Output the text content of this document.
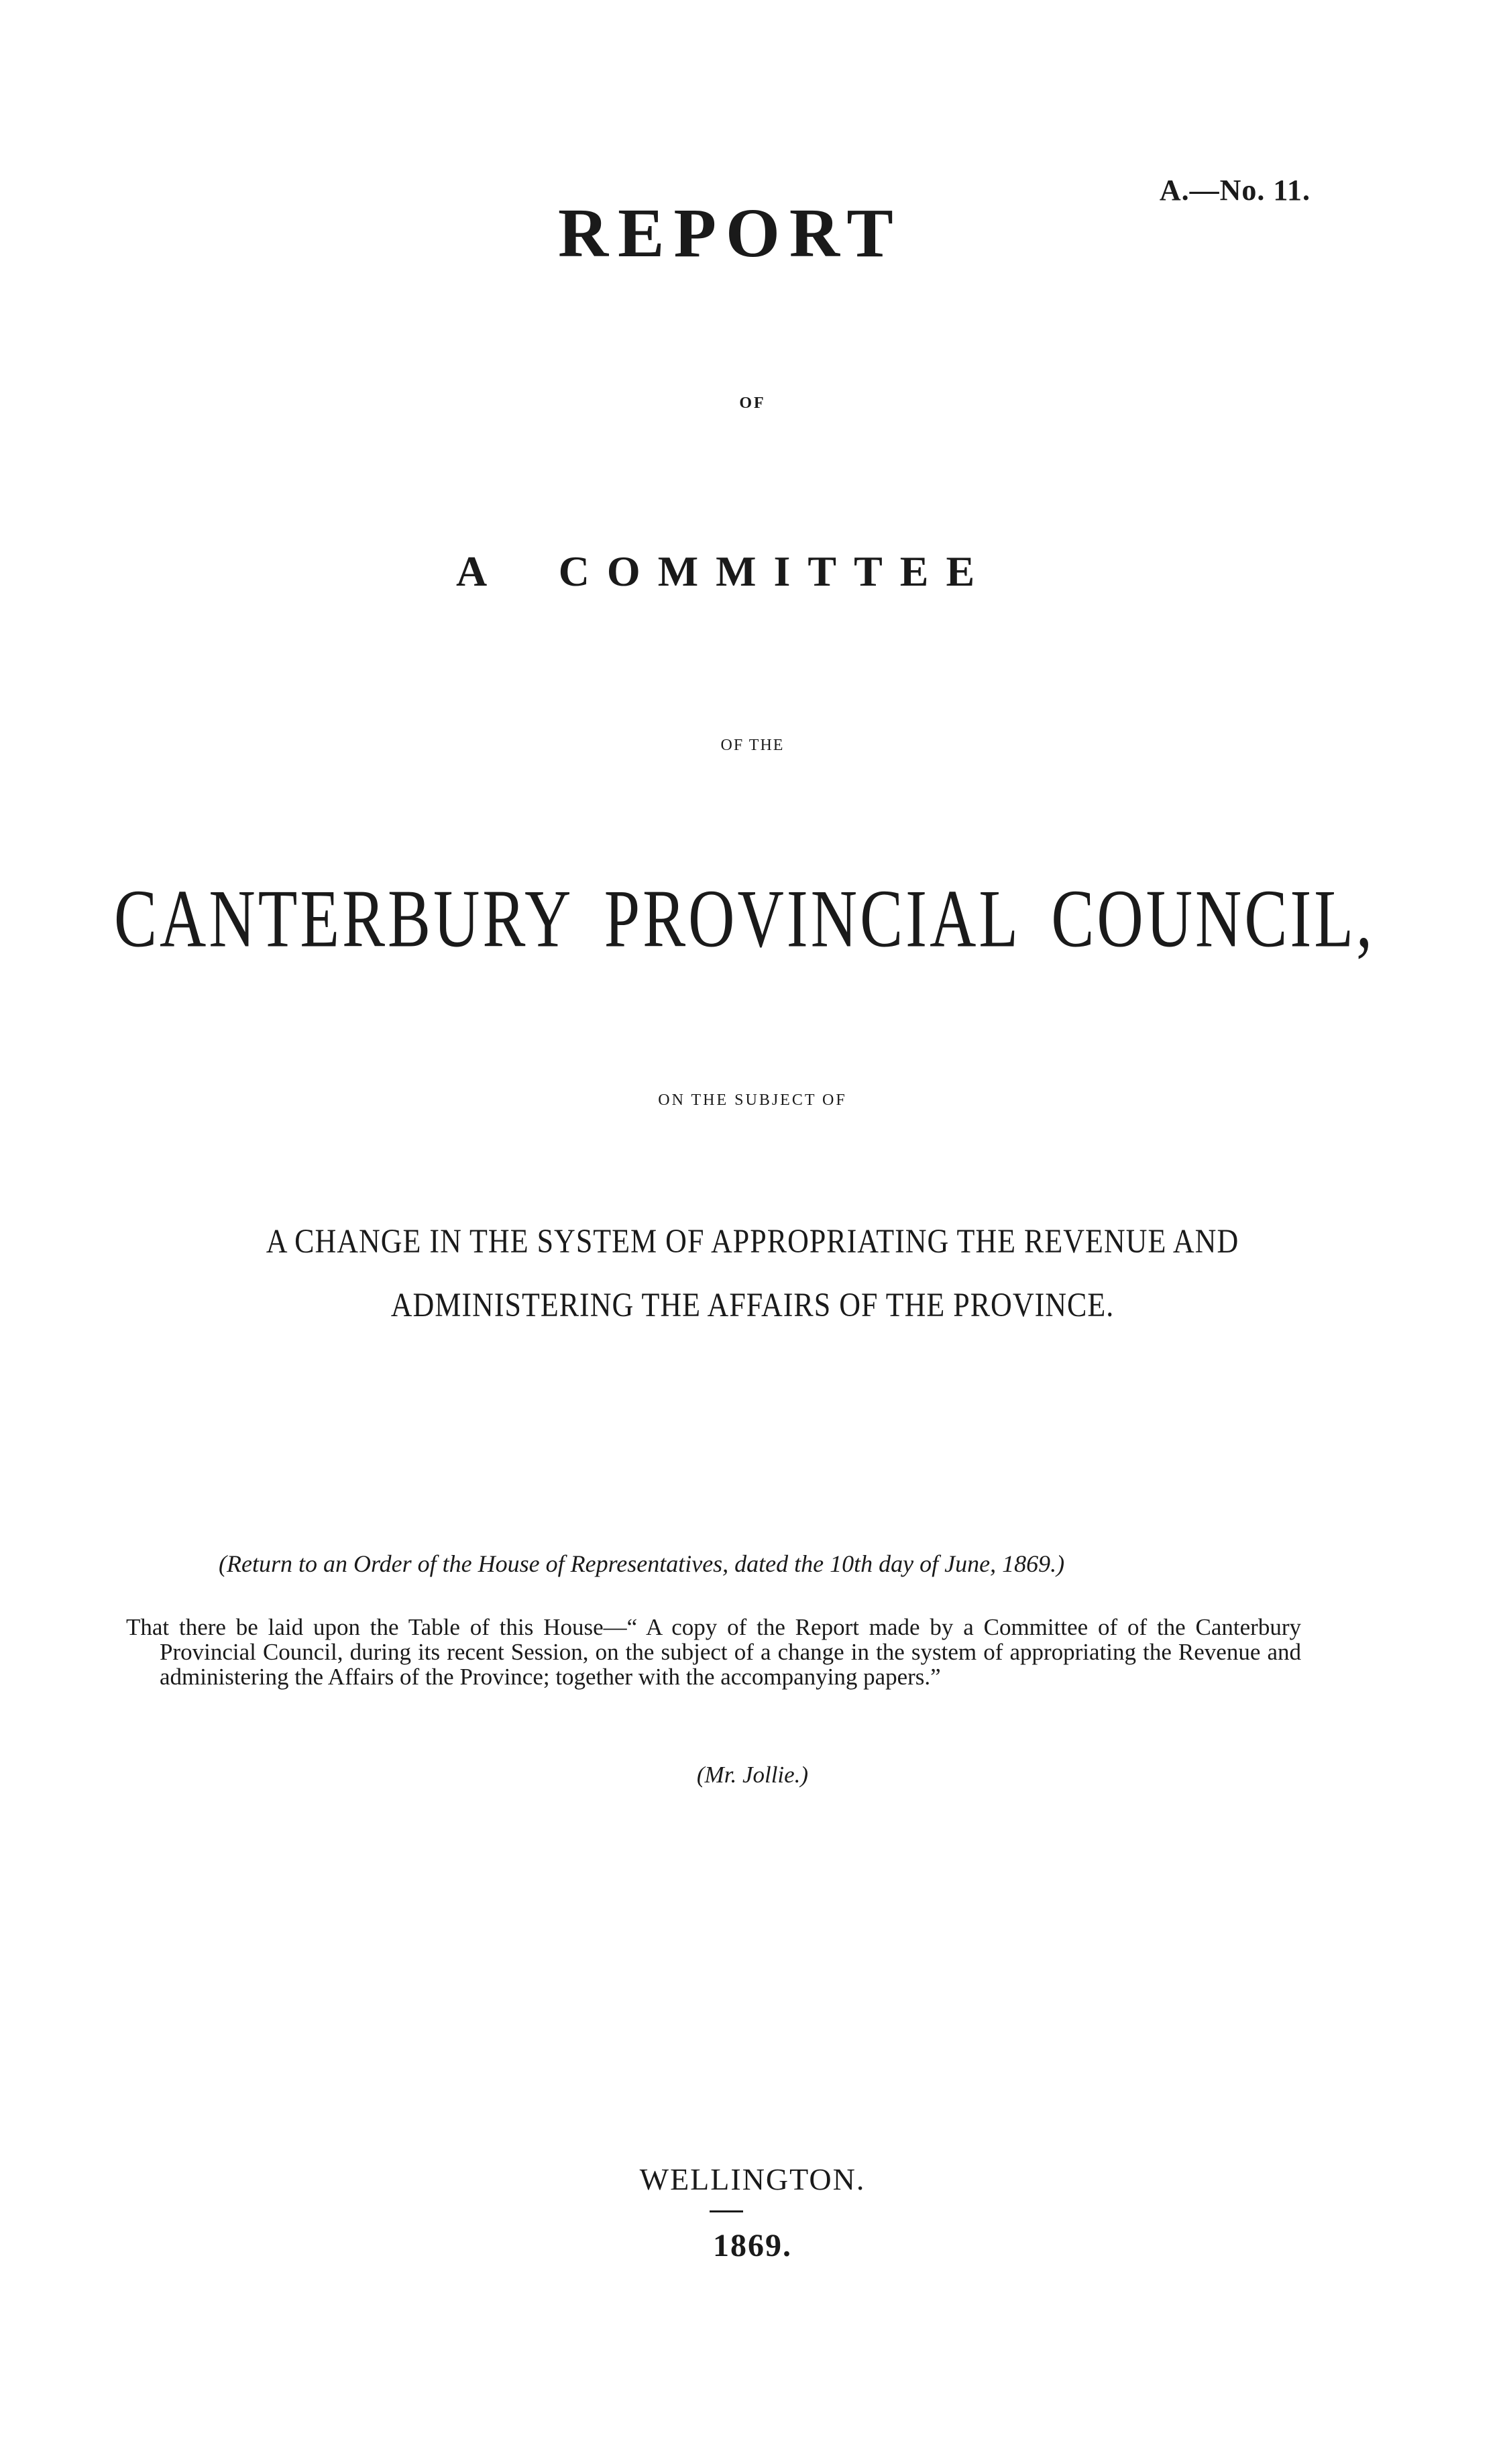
A.—No. 11.

REPORT

OF

A  COMMITTEE

OF THE

CANTERBURY PROVINCIAL COUNCIL,

ON THE SUBJECT OF

A CHANGE IN THE SYSTEM OF APPROPRIATING THE REVENUE AND

ADMINISTERING THE AFFAIRS OF THE PROVINCE.

(Return to an Order of the House of Representatives, dated the 10th day of June, 1869.)

That there be laid upon the Table of this House—“ A copy of the Report made by a Committee of of the Canterbury Provincial Council, during its recent Session, on the subject of a change in the system of appropriating the Revenue and administering the Affairs of the Province; together with the accompanying papers.”

(Mr. Jollie.)

WELLINGTON.

1869.
